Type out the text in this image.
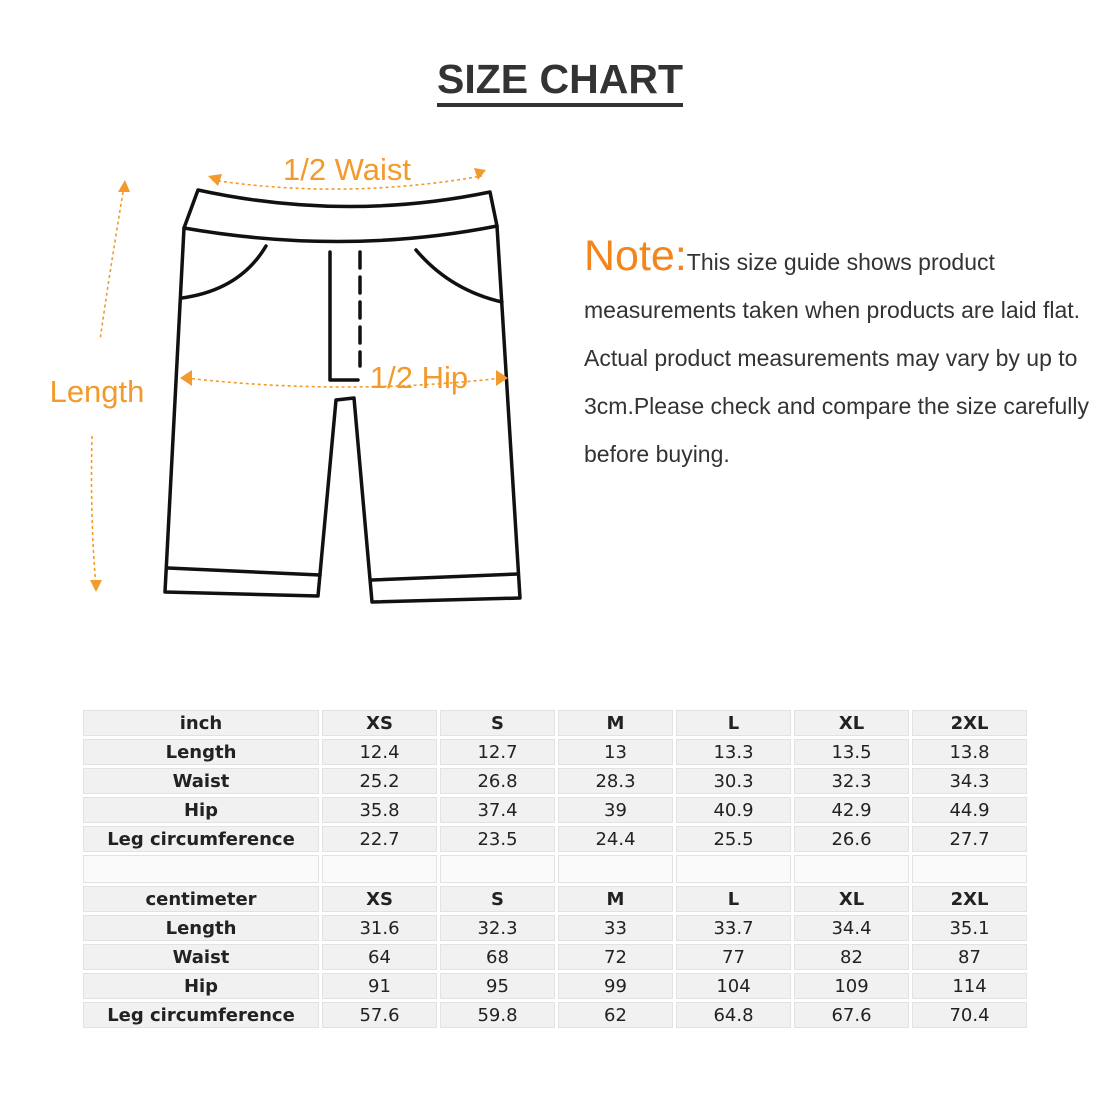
SIZE CHART
1/2 Waist
1/2 Hip
Length
Note:This size guide shows product measurements taken when products are laid flat. Actual product measurements may vary by up to 3cm.Please check and compare the size carefully before buying.
inch	XS	S	M	L	XL	2XL
Length	12.4	12.7	13	13.3	13.5	13.8
Waist	25.2	26.8	28.3	30.3	32.3	34.3
Hip	35.8	37.4	39	40.9	42.9	44.9
Leg circumference	22.7	23.5	24.4	25.5	26.6	27.7

centimeter	XS	S	M	L	XL	2XL
Length	31.6	32.3	33	33.7	34.4	35.1
Waist	64	68	72	77	82	87
Hip	91	95	99	104	109	114
Leg circumference	57.6	59.8	62	64.8	67.6	70.4
